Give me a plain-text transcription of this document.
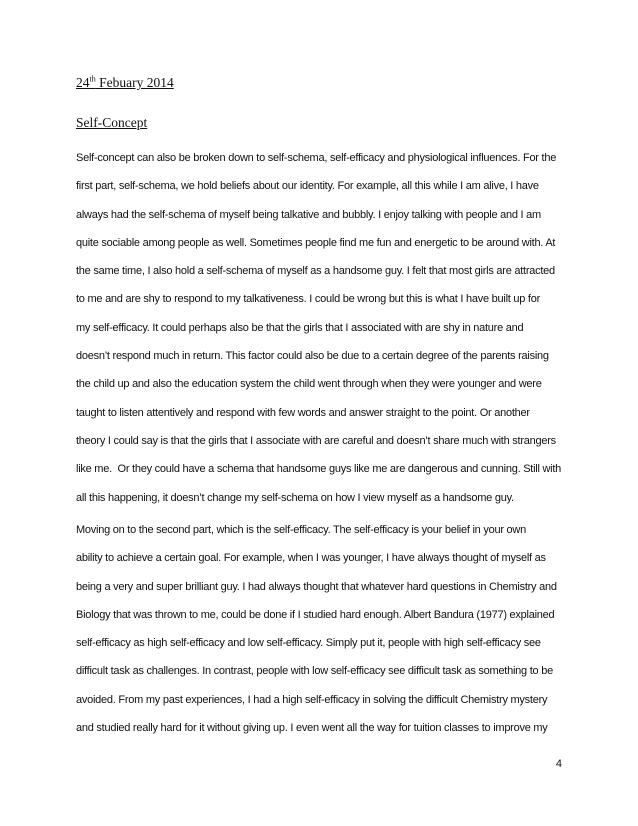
24th Febuary 2014
Self-Concept
Self-concept can also be broken down to self-schema, self-efficacy and physiological influences. For the
first part, self-schema, we hold beliefs about our identity. For example, all this while I am alive, I have
always had the self-schema of myself being talkative and bubbly. I enjoy talking with people and I am
quite sociable among people as well. Sometimes people find me fun and energetic to be around with. At
the same time, I also hold a self-schema of myself as a handsome guy. I felt that most girls are attracted
to me and are shy to respond to my talkativeness. I could be wrong but this is what I have built up for
my self-efficacy. It could perhaps also be that the girls that I associated with are shy in nature and
doesn’t respond much in return. This factor could also be due to a certain degree of the parents raising
the child up and also the education system the child went through when they were younger and were
taught to listen attentively and respond with few words and answer straight to the point. Or another
theory I could say is that the girls that I associate with are careful and doesn’t share much with strangers
like me.  Or they could have a schema that handsome guys like me are dangerous and cunning. Still with
all this happening, it doesn’t change my self-schema on how I view myself as a handsome guy.
Moving on to the second part, which is the self-efficacy. The self-efficacy is your belief in your own
ability to achieve a certain goal. For example, when I was younger, I have always thought of myself as
being a very and super brilliant guy. I had always thought that whatever hard questions in Chemistry and
Biology that was thrown to me, could be done if I studied hard enough. Albert Bandura (1977) explained
self-efficacy as high self-efficacy and low self-efficacy. Simply put it, people with high self-efficacy see
difficult task as challenges. In contrast, people with low self-efficacy see difficult task as something to be
avoided. From my past experiences, I had a high self-efficacy in solving the difficult Chemistry mystery
and studied really hard for it without giving up. I even went all the way for tuition classes to improve my
4
